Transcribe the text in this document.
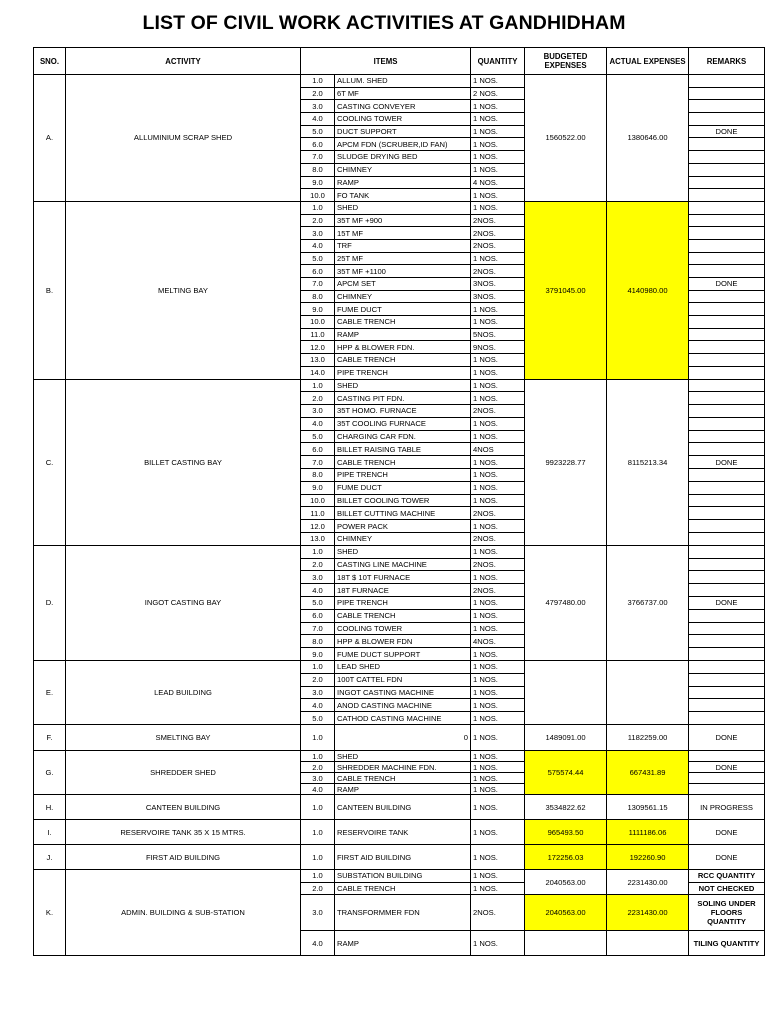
LIST OF CIVIL WORK ACTIVITIES AT GANDHIDHAM
SNO.	ACTIVITY	ITEMS		QUANTITY	BUDGETED EXPENSES	ACTUAL EXPENSES	REMARKS
A.	ALLUMINIUM SCRAP SHED	1.0	ALLUM. SHED	1 NOS.	1560522.00	1380646.00	
		2.0	6T MF	2 NOS.			
		3.0	CASTING CONVEYER	1 NOS.			
		4.0	COOLING TOWER	1 NOS.			
		5.0	DUCT SUPPORT	1 NOS.			DONE
		6.0	APCM FDN (SCRUBER,ID FAN)	1 NOS.			
		7.0	SLUDGE DRYING BED	1 NOS.			
		8.0	CHIMNEY	1 NOS.			
		9.0	RAMP	4 NOS.			
		10.0	FO TANK	1 NOS.			
B.	MELTING BAY	1.0	SHED	1 NOS.	3791045.00	4140980.00	
		2.0	35T MF +900	2NOS.			
		3.0	15T MF	2NOS.			
		4.0	TRF	2NOS.			
		5.0	25T MF	1 NOS.			
		6.0	35T MF +1100	2NOS.			
		7.0	APCM SET	3NOS.			DONE
		8.0	CHIMNEY	3NOS.			
		9.0	FUME DUCT	1 NOS.			
		10.0	CABLE TRENCH	1 NOS.			
		11.0	RAMP	5NOS.			
		12.0	HPP & BLOWER FDN.	9NOS.			
		13.0	CABLE TRENCH	1 NOS.			
		14.0	PIPE TRENCH	1 NOS.			
C.	BILLET CASTING BAY	1.0	SHED	1 NOS.	9923228.77	8115213.34	
		2.0	CASTING PIT FDN.	1 NOS.			
		3.0	35T HOMO. FURNACE	2NOS.			
		4.0	35T COOLING FURNACE	1 NOS.			
		5.0	CHARGING CAR FDN.	1 NOS.			
		6.0	BILLET RAISING TABLE	4NOS			
		7.0	CABLE TRENCH	1 NOS.			DONE
		8.0	PIPE TRENCH	1 NOS.			
		9.0	FUME DUCT	1 NOS.			
		10.0	BILLET COOLING TOWER	1 NOS.			
		11.0	BILLET CUTTING MACHINE	2NOS.			
		12.0	POWER PACK	1 NOS.			
		13.0	CHIMNEY	2NOS.			
D.	INGOT CASTING BAY	1.0	SHED	1 NOS.	4797480.00	3766737.00	
		2.0	CASTING LINE MACHINE	2NOS.			
		3.0	18T $ 10T FURNACE	1 NOS.			
		4.0	18T FURNACE	2NOS.			
		5.0	PIPE TRENCH	1 NOS.			DONE
		6.0	CABLE TRENCH	1 NOS.			
		7.0	COOLING TOWER	1 NOS.			
		8.0	HPP & BLOWER FDN	4NOS.			
		9.0	FUME DUCT SUPPORT	1 NOS.			
E.	LEAD BUILDING	1.0	LEAD SHED	1 NOS.			
		2.0	100T CATTEL FDN	1 NOS.			
		3.0	INGOT CASTING MACHINE	1 NOS.			
		4.0	ANOD CASTING MACHINE	1 NOS.			
		5.0	CATHOD CASTING MACHINE	1 NOS.			
F.	SMELTING BAY	1.0	0	1 NOS.	1489091.00	1182259.00	DONE
G.	SHREDDER SHED	1.0	SHED	1 NOS.	575574.44	667431.89	
		2.0	SHREDDER MACHINE FDN.	1 NOS.			DONE
		3.0	CABLE TRENCH	1 NOS.			
		4.0	RAMP	1 NOS.			
H.	CANTEEN BUILDING	1.0	CANTEEN BUILDING	1 NOS.	3534822.62	1309561.15	IN PROGRESS
I.	RESERVOIRE TANK 35 X 15 MTRS.	1.0	RESERVOIRE TANK	1 NOS.	965493.50	1111186.06	DONE
J.	FIRST AID BUILDING	1.0	FIRST AID BUILDING	1 NOS.	172256.03	192260.90	DONE
K.	ADMIN. BUILDING & SUB-STATION	1.0	SUBSTATION BUILDING	1 NOS.	2040563.00	2231430.00	RCC QUANTITY
		2.0	CABLE TRENCH	1 NOS.			NOT CHECKED
		3.0	TRANSFORMMER FDN	2NOS.	2040563.00	2231430.00	SOLING UNDER FLOORS QUANTITY
		4.0	RAMP	1 NOS.			TILING QUANTITY
